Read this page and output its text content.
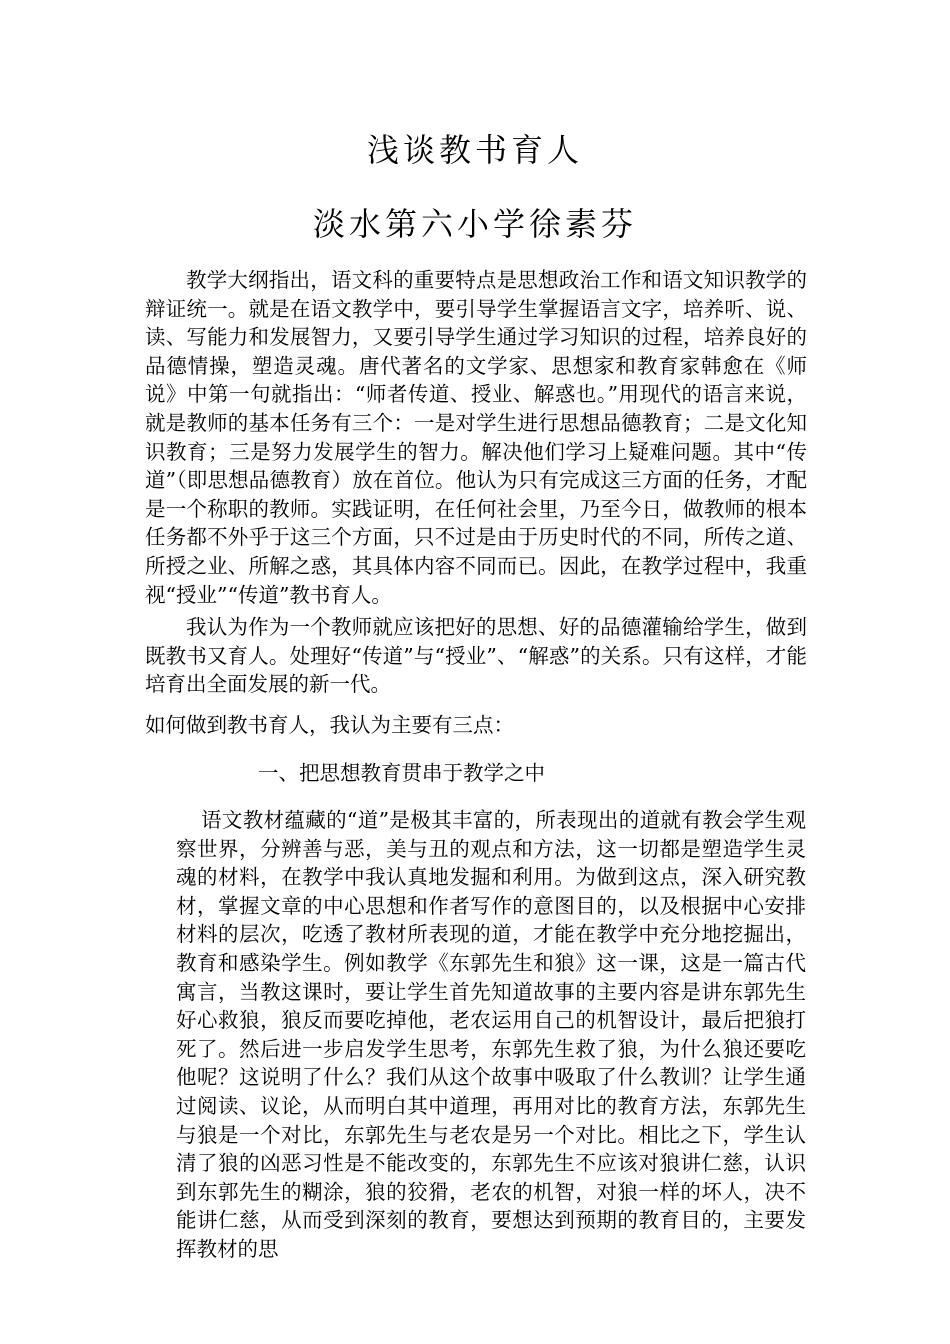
浅谈教书育人
淡水第六小学徐素芬

教学大纲指出，语文科的重要特点是思想政治工作和语文知识教学的辩证统一。就是在语文教学中，要引导学生掌握语言文字，培养听、说、读、写能力和发展智力，又要引导学生通过学习知识的过程，培养良好的品德情操，塑造灵魂。唐代著名的文学家、思想家和教育家韩愈在《师说》中第一句就指出：“师者传道、授业、解惑也。”用现代的语言来说，就是教师的基本任务有三个：一是对学生进行思想品德教育；二是文化知识教育；三是努力发展学生的智力。解决他们学习上疑难问题。其中“传道”（即思想品德教育）放在首位。他认为只有完成这三方面的任务，才配是一个称职的教师。实践证明，在任何社会里，乃至今日，做教师的根本任务都不外乎于这三个方面，只不过是由于历史时代的不同，所传之道、所授之业、所解之惑，其具体内容不同而已。因此，在教学过程中，我重视“授业”“传道”教书育人。

我认为作为一个教师就应该把好的思想、好的品德灌输给学生，做到既教书又育人。处理好“传道”与“授业”、“解惑”的关系。只有这样，才能培育出全面发展的新一代。

如何做到教书育人，我认为主要有三点：

一、把思想教育贯串于教学之中

语文教材蕴藏的“道”是极其丰富的，所表现出的道就有教会学生观察世界，分辨善与恶，美与丑的观点和方法，这一切都是塑造学生灵魂的材料，在教学中我认真地发掘和利用。为做到这点，深入研究教材，掌握文章的中心思想和作者写作的意图目的，以及根据中心安排材料的层次，吃透了教材所表现的道，才能在教学中充分地挖掘出，教育和感染学生。例如教学《东郭先生和狼》这一课，这是一篇古代寓言，当教这课时，要让学生首先知道故事的主要内容是讲东郭先生好心救狼，狼反而要吃掉他，老农运用自己的机智设计，最后把狼打死了。然后进一步启发学生思考，东郭先生救了狼，为什么狼还要吃他呢？这说明了什么？我们从这个故事中吸取了什么教训？让学生通过阅读、议论，从而明白其中道理，再用对比的教育方法，东郭先生与狼是一个对比，东郭先生与老农是另一个对比。相比之下，学生认清了狼的凶恶习性是不能改变的，东郭先生不应该对狼讲仁慈，认识到东郭先生的糊涂，狼的狡猾，老农的机智，对狼一样的坏人，决不能讲仁慈，从而受到深刻的教育，要想达到预期的教育目的，主要发挥教材的思
